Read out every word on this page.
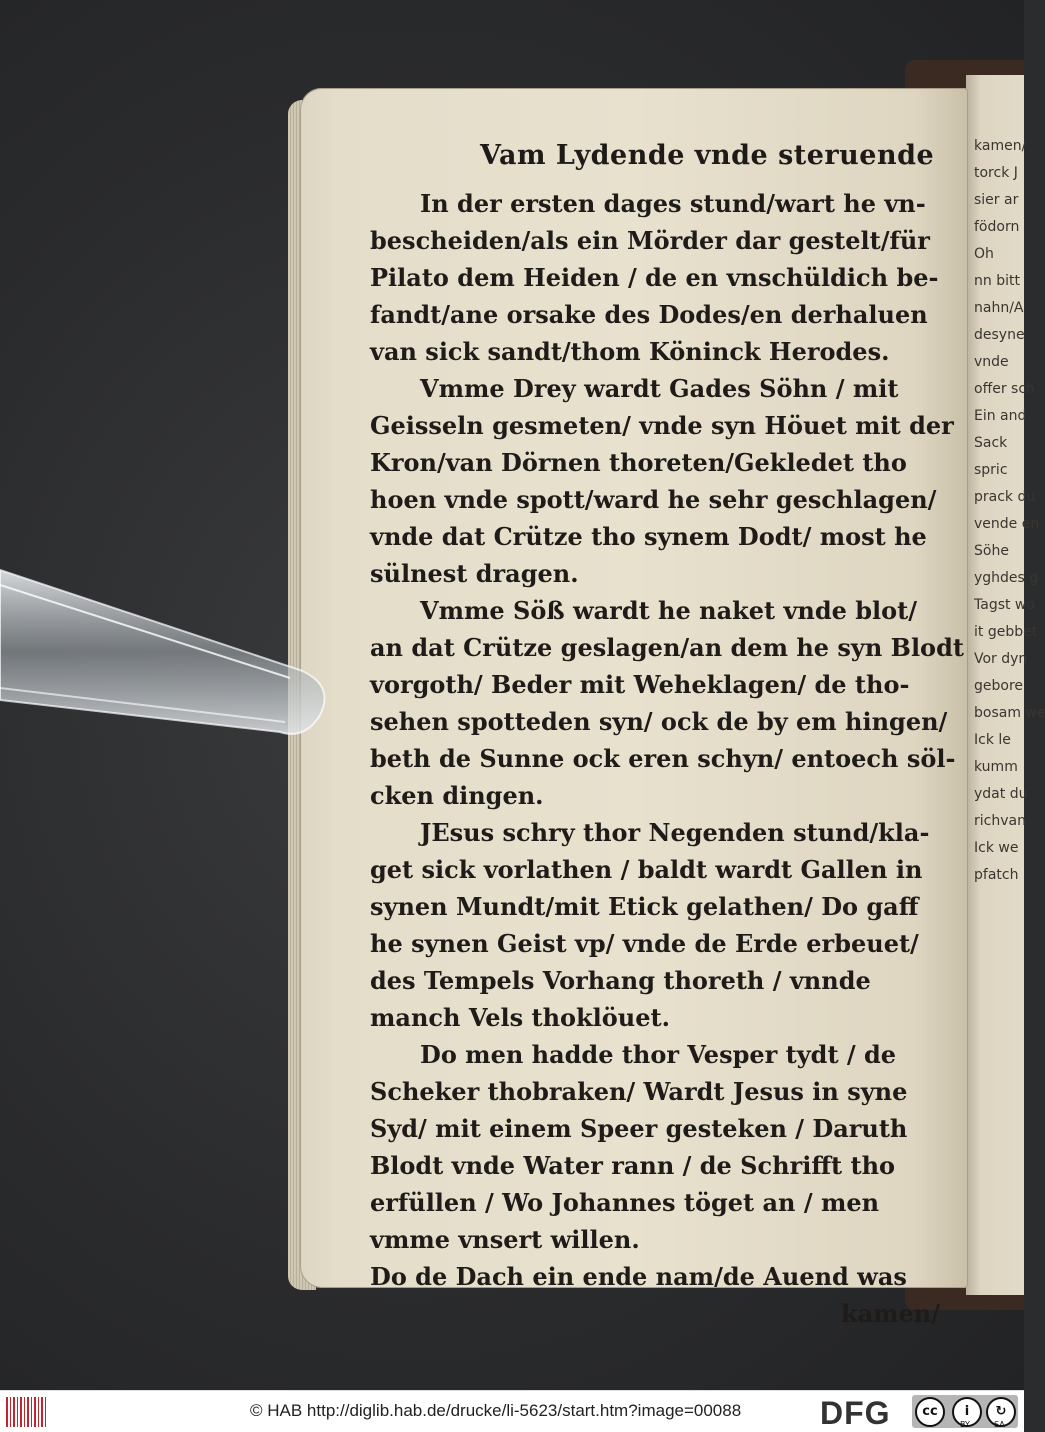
kamen/
torck J
sier ar
födorn
Oh
nn bitt
nahn/A
desyne
vnde
offer sch
Ein and
Sack
spric
prack du
vende en
Söhe
yghdes g
Tagst wo
it gebbet
Vor dyn
gebore
bosam we
Ick le
kumm
ydat du
richvan
Ick we
pfatch
Vam Lydende vnde steruende
In der ersten dages stund/wart he vn-
bescheiden/als ein Mörder dar gestelt/für
Pilato dem Heiden / de en vnschüldich be-
fandt/ane orsake des Dodes/en derhaluen
van sick sandt/thom Köninck Herodes.
Vmme Drey wardt Gades Söhn / mit
Geisseln gesmeten/ vnde syn Höuet mit der
Kron/van Dörnen thoreten/Gekledet tho
hoen vnde spott/ward he sehr geschlagen/
vnde dat Crütze tho synem Dodt/ most he
sülnest dragen.
Vmme Söß wardt he naket vnde blot/
an dat Crütze geslagen/an dem he syn Blodt
vorgoth/ Beder mit Weheklagen/ de tho-
sehen spotteden syn/ ock de by em hingen/
beth de Sunne ock eren schyn/ entoech söl-
cken dingen.
JEsus schry thor Negenden stund/kla-
get sick vorlathen / baldt wardt Gallen in
synen Mundt/mit Etick gelathen/ Do gaff
he synen Geist vp/ vnde de Erde erbeuet/
des Tempels Vorhang thoreth / vnnde
manch Vels thoklöuet.
Do men hadde thor Vesper tydt / de
Scheker thobraken/ Wardt Jesus in syne
Syd/ mit einem Speer gesteken / Daruth
Blodt vnde Water rann / de Schrifft tho
erfüllen / Wo Johannes töget an / men
vmme vnsert willen.
Do de Dach ein ende nam/de Auend was
kamen/
© HAB http://diglib.hab.de/drucke/li-5623/start.htm?image=00088 DFG	cc	i	↻
BY	SA
